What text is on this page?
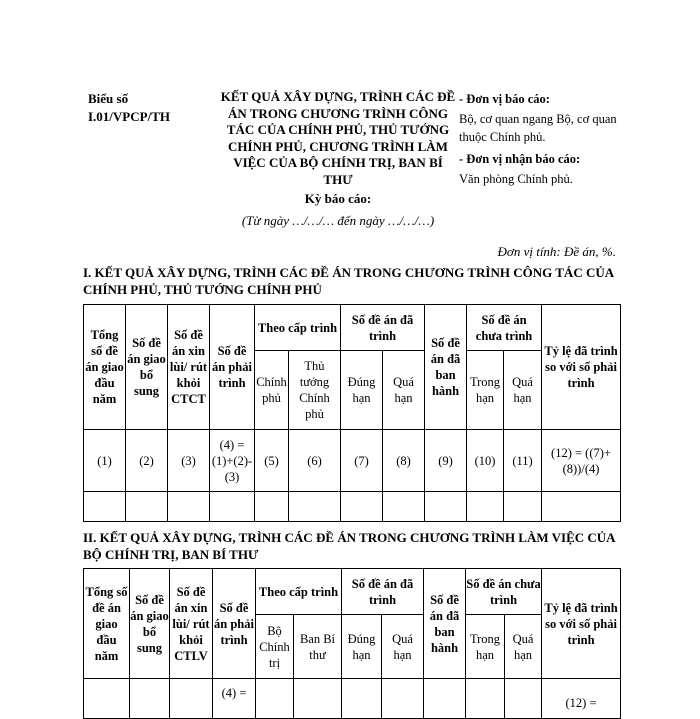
Biểu số I.01/VPCP/TH
KẾT QUẢ XÂY DỰNG, TRÌNH CÁC ĐỀ ÁN TRONG CHƯƠNG TRÌNH CÔNG TÁC CỦA CHÍNH PHỦ, THỦ TƯỚNG CHÍNH PHỦ, CHƯƠNG TRÌNH LÀM VIỆC CỦA BỘ CHÍNH TRỊ, BAN BÍ THƯ

- Đơn vị báo cáo:

Bộ, cơ quan ngang Bộ, cơ quan thuộc Chính phủ.

- Đơn vị nhận báo cáo:

Văn phòng Chính phủ.

Kỳ báo cáo:
(Từ ngày …/…/… đến ngày …/…/…)
Đơn vị tính: Đề án, %.
I. KẾT QUẢ XÂY DỰNG, TRÌNH CÁC ĐỀ ÁN TRONG CHƯƠNG TRÌNH CÔNG TÁC CỦA CHÍNH PHỦ, THỦ TƯỚNG CHÍNH PHỦ
Tổng số đề án giao đầu năm	Số đề án giao bổ sung	Số đề án xin lùi/ rút khỏi CTCT	Số đề án phải trình	Theo cấp trình		Số đề án đã trình		Số đề án đã ban hành	Số đề án chưa trình		Tỷ lệ đã trình so với số phải trình
				Chính phủ	Thủ tướng Chính phủ	Đúng hạn	Quá hạn		Trong hạn	Quá hạn	
(1)	(2)	(3)	(4) = (1)+(2)-(3)	(5)	(6)	(7)	(8)	(9)	(10)	(11)	(12) = ((7)+(8))/(4)

II. KẾT QUẢ XÂY DỰNG, TRÌNH CÁC ĐỀ ÁN TRONG CHƯƠNG TRÌNH LÀM VIỆC CỦA BỘ CHÍNH TRỊ, BAN BÍ THƯ
Tổng số đề án giao đầu năm	Số đề án giao bổ sung	Số đề án xin lùi/ rút khỏi CTLV	Số đề án phải trình	Theo cấp trình		Số đề án đã trình		Số đề án đã ban hành	Số đề án chưa trình		Tỷ lệ đã trình so với số phải trình
				Bộ Chính trị	Ban Bí thư	Đúng hạn	Quá hạn		Trong hạn	Quá hạn	
			(4) =								(12) =
